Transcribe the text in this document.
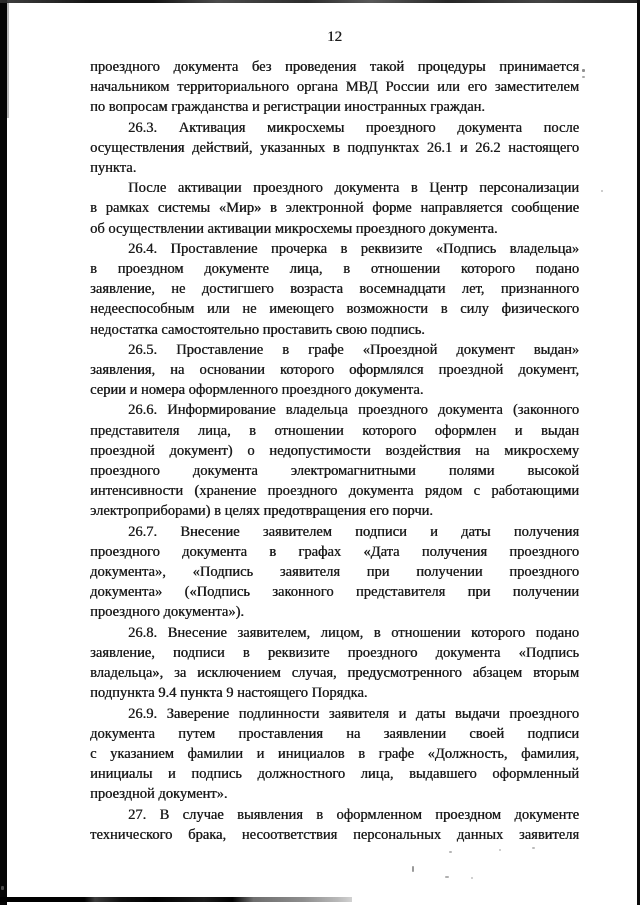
12
проездного документа без проведения такой процедуры принимается
начальником территориального органа МВД России или его заместителем
по вопросам гражданства и регистрации иностранных граждан.
26.3. Активация микросхемы проездного документа после
осуществления действий, указанных в подпунктах 26.1 и 26.2 настоящего
пункта.
После активации проездного документа в Центр персонализации
в рамках системы «Мир» в электронной форме направляется сообщение
об осуществлении активации микросхемы проездного документа.
26.4. Проставление прочерка в реквизите «Подпись владельца»
в проездном документе лица, в отношении которого подано
заявление, не достигшего возраста восемнадцати лет, признанного
недееспособным или не имеющего возможности в силу физического
недостатка самостоятельно проставить свою подпись.
26.5. Проставление в графе «Проездной документ выдан»
заявления, на основании которого оформлялся проездной документ,
серии и номера оформленного проездного документа.
26.6. Информирование владельца проездного документа (законного
представителя лица, в отношении которого оформлен и выдан
проездной документ) о недопустимости воздействия на микросхему
проездного документа электромагнитными полями высокой
интенсивности (хранение проездного документа рядом с работающими
электроприборами) в целях предотвращения его порчи.
26.7. Внесение заявителем подписи и даты получения
проездного документа в графах «Дата получения проездного
документа», «Подпись заявителя при получении проездного
документа» («Подпись законного представителя при получении
проездного документа»).
26.8. Внесение заявителем, лицом, в отношении которого подано
заявление, подписи в реквизите проездного документа «Подпись
владельца», за исключением случая, предусмотренного абзацем вторым
подпункта 9.4 пункта 9 настоящего Порядка.
26.9. Заверение подлинности заявителя и даты выдачи проездного
документа путем проставления на заявлении своей подписи
с указанием фамилии и инициалов в графе «Должность, фамилия,
инициалы и подпись должностного лица, выдавшего оформленный
проездной документ».
27. В случае выявления в оформленном проездном документе
технического брака, несоответствия персональных данных заявителя
